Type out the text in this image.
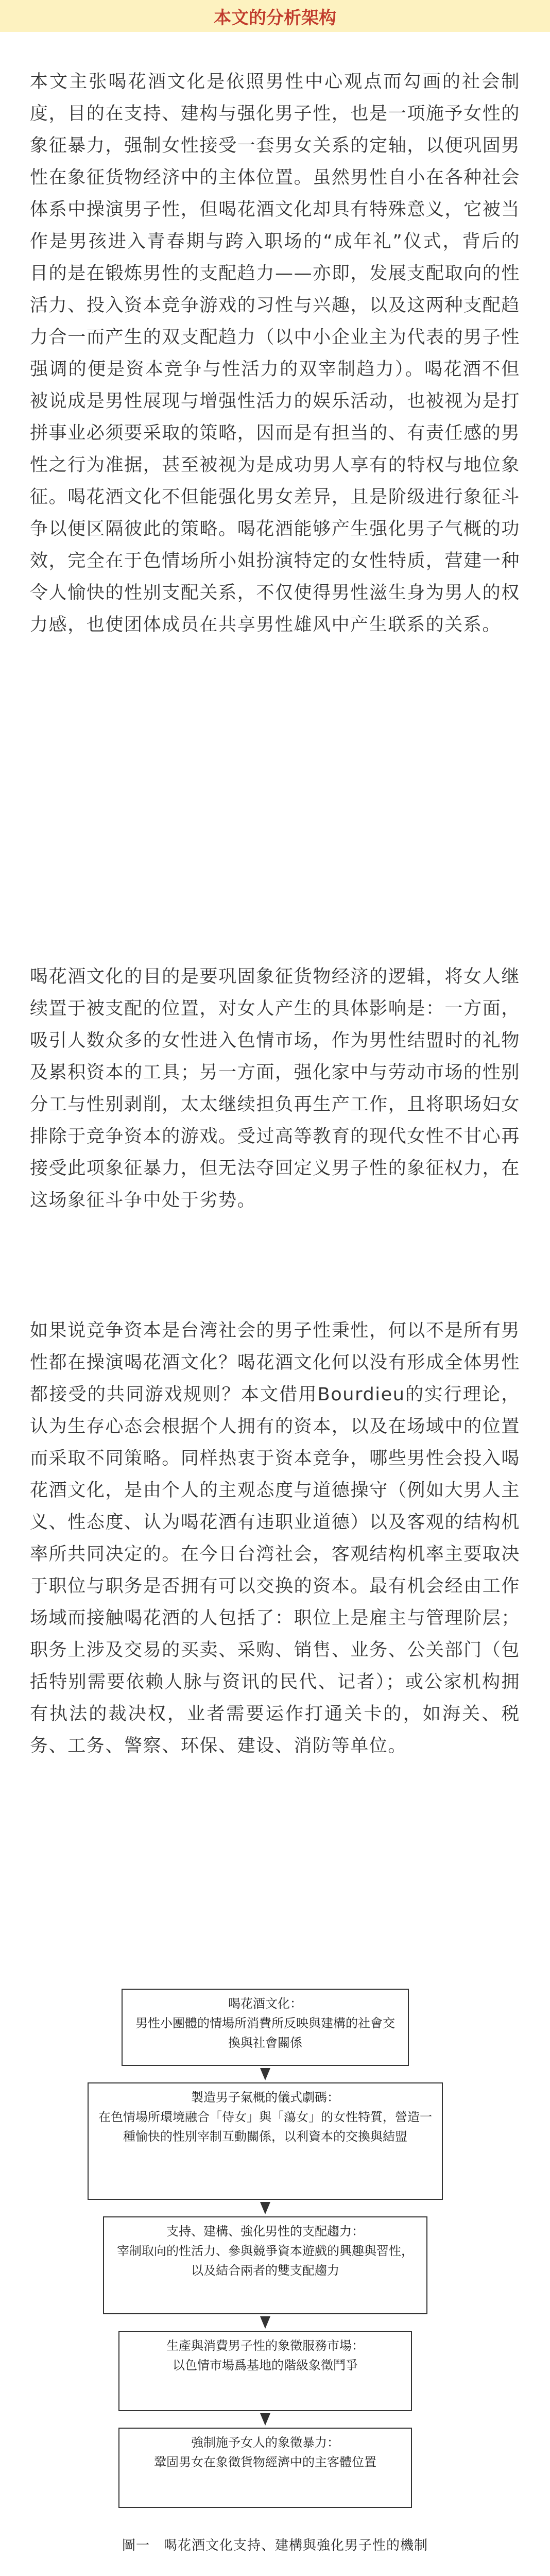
本文的分析架构

本文主张喝花酒文化是依照男性中心观点而勾画的社会制度，目的在支持、建构与强化男子性，也是一项施予女性的象征暴力，强制女性接受一套男女关系的定轴，以便巩固男性在象征货物经济中的主体位置。虽然男性自小在各种社会体系中操演男子性，但喝花酒文化却具有特殊意义，它被当作是男孩进入青春期与跨入职场的“成年礼”仪式，背后的目的是在锻炼男性的支配趋力——亦即，发展支配取向的性活力、投入资本竞争游戏的习性与兴趣，以及这两种支配趋力合一而产生的双支配趋力（以中小企业主为代表的男子性强调的便是资本竞争与性活力的双宰制趋力）。喝花酒不但被说成是男性展现与增强性活力的娱乐活动，也被视为是打拼事业必须要采取的策略，因而是有担当的、有责任感的男性之行为准据，甚至被视为是成功男人享有的特权与地位象征。喝花酒文化不但能强化男女差异，且是阶级进行象征斗争以便区隔彼此的策略。喝花酒能够产生强化男子气概的功效，完全在于色情场所小姐扮演特定的女性特质，营建一种令人愉快的性别支配关系，不仅使得男性滋生身为男人的权力感，也使团体成员在共享男性雄风中产生联系的关系。

喝花酒文化的目的是要巩固象征货物经济的逻辑，将女人继续置于被支配的位置，对女人产生的具体影响是：一方面，吸引人数众多的女性进入色情市场，作为男性结盟时的礼物及累积资本的工具；另一方面，强化家中与劳动市场的性别分工与性别剥削，太太继续担负再生产工作，且将职场妇女排除于竞争资本的游戏。受过高等教育的现代女性不甘心再接受此项象征暴力，但无法夺回定义男子性的象征权力，在这场象征斗争中处于劣势。

如果说竞争资本是台湾社会的男子性秉性，何以不是所有男性都在操演喝花酒文化？喝花酒文化何以没有形成全体男性都接受的共同游戏规则？本文借用Bourdieu的实行理论，认为生存心态会根据个人拥有的资本，以及在场域中的位置而采取不同策略。同样热衷于资本竞争，哪些男性会投入喝花酒文化，是由个人的主观态度与道德操守（例如大男人主义、性态度、认为喝花酒有违职业道德）以及客观的结构机率所共同决定的。在今日台湾社会，客观结构机率主要取决于职位与职务是否拥有可以交换的资本。最有机会经由工作场域而接触喝花酒的人包括了：职位上是雇主与管理阶层；职务上涉及交易的买卖、采购、销售、业务、公关部门（包括特别需要依赖人脉与资讯的民代、记者）；或公家机构拥有执法的裁决权，业者需要运作打通关卡的，如海关、税务、工务、警察、环保、建设、消防等单位。

喝花酒文化：
男性小團體的情場所消費所反映與建構的社會交換與社會關係
製造男子氣概的儀式劇碼：
在色情場所環境融合「侍女」與「蕩女」的女性特質，營造一種愉快的性別宰制互動關係，以利資本的交換與結盟
支持、建構、強化男性的支配趨力：
宰制取向的性活力、參與競爭資本遊戲的興趣與習性，以及結合兩者的雙支配趨力
生產與消費男子性的象徵服務市場：
以色情市場爲基地的階級象徵鬥爭
強制施予女人的象徵暴力：
鞏固男女在象徵貨物經濟中的主客體位置
圖一　喝花酒文化支持、建構與強化男子性的機制
